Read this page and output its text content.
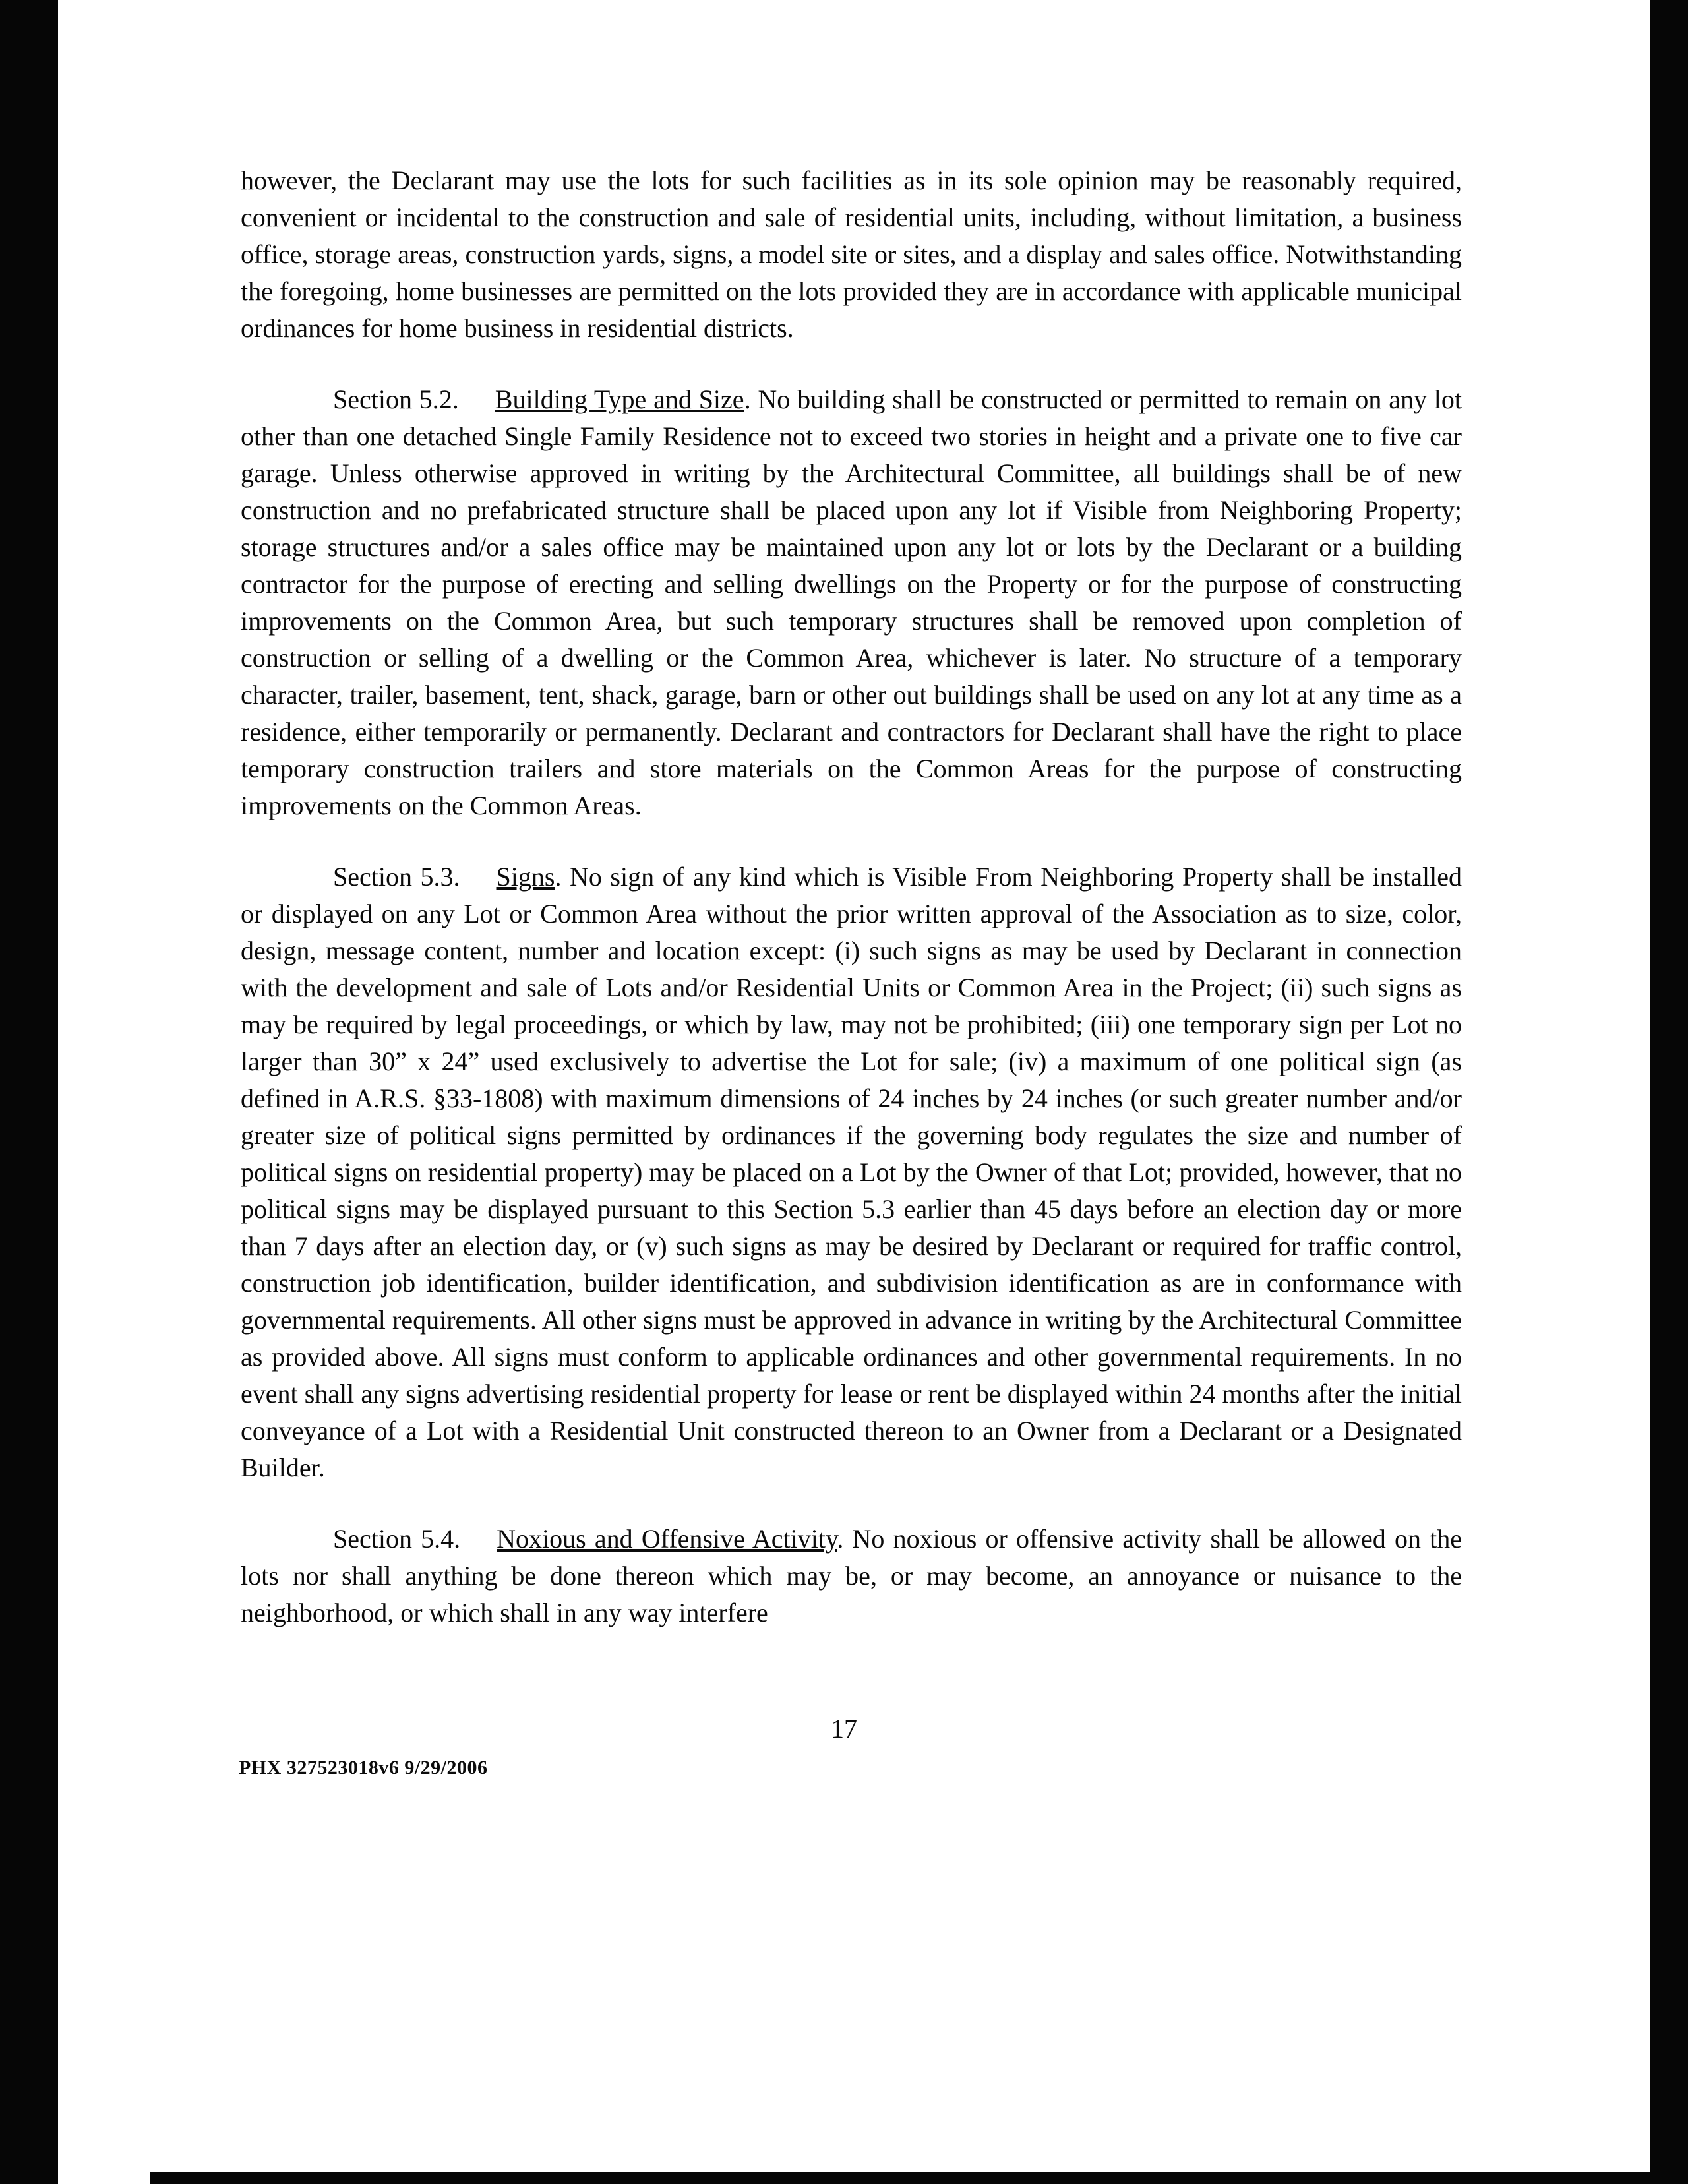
however, the Declarant may use the lots for such facilities as in its sole opinion may be reasonably required, convenient or incidental to the construction and sale of residential units, including, without limitation, a business office, storage areas, construction yards, signs, a model site or sites, and a display and sales office. Notwithstanding the foregoing, home businesses are permitted on the lots provided they are in accordance with applicable municipal ordinances for home business in residential districts.

Section 5.2. Building Type and Size. No building shall be constructed or permitted to remain on any lot other than one detached Single Family Residence not to exceed two stories in height and a private one to five car garage. Unless otherwise approved in writing by the Architectural Committee, all buildings shall be of new construction and no prefabricated structure shall be placed upon any lot if Visible from Neighboring Property; storage structures and/or a sales office may be maintained upon any lot or lots by the Declarant or a building contractor for the purpose of erecting and selling dwellings on the Property or for the purpose of constructing improvements on the Common Area, but such temporary structures shall be removed upon completion of construction or selling of a dwelling or the Common Area, whichever is later. No structure of a temporary character, trailer, basement, tent, shack, garage, barn or other out buildings shall be used on any lot at any time as a residence, either temporarily or permanently. Declarant and contractors for Declarant shall have the right to place temporary construction trailers and store materials on the Common Areas for the purpose of constructing improvements on the Common Areas.

Section 5.3. Signs. No sign of any kind which is Visible From Neighboring Property shall be installed or displayed on any Lot or Common Area without the prior written approval of the Association as to size, color, design, message content, number and location except: (i) such signs as may be used by Declarant in connection with the development and sale of Lots and/or Residential Units or Common Area in the Project; (ii) such signs as may be required by legal proceedings, or which by law, may not be prohibited; (iii) one temporary sign per Lot no larger than 30” x 24” used exclusively to advertise the Lot for sale; (iv) a maximum of one political sign (as defined in A.R.S. §33-1808) with maximum dimensions of 24 inches by 24 inches (or such greater number and/or greater size of political signs permitted by ordinances if the governing body regulates the size and number of political signs on residential property) may be placed on a Lot by the Owner of that Lot; provided, however, that no political signs may be displayed pursuant to this Section 5.3 earlier than 45 days before an election day or more than 7 days after an election day, or (v) such signs as may be desired by Declarant or required for traffic control, construction job identification, builder identification, and subdivision identification as are in conformance with governmental requirements. All other signs must be approved in advance in writing by the Architectural Committee as provided above. All signs must conform to applicable ordinances and other governmental requirements. In no event shall any signs advertising residential property for lease or rent be displayed within 24 months after the initial conveyance of a Lot with a Residential Unit constructed thereon to an Owner from a Declarant or a Designated Builder.

Section 5.4. Noxious and Offensive Activity. No noxious or offensive activity shall be allowed on the lots nor shall anything be done thereon which may be, or may become, an annoyance or nuisance to the neighborhood, or which shall in any way interfere

17
PHX 327523018v6 9/29/2006
